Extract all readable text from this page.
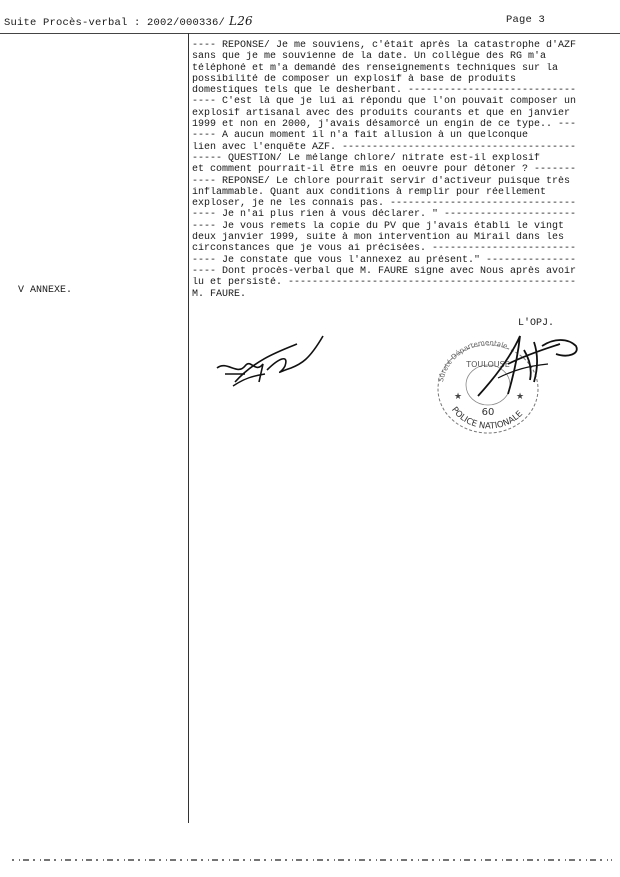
Suite Procès-verbal : 2002/000336/ L26	Page 3
V ANNEXE.
---- REPONSE/ Je me souviens, c'était après la catastrophe d'AZF
sans que je me souvienne de la date. Un collègue des RG m'a
téléphoné et m'a demandé des renseignements techniques sur la
possibilité de composer un explosif à base de produits
domestiques tels que le desherbant. ----------------------------
---- C'est là que je lui ai répondu que l'on pouvait composer un
explosif artisanal avec des produits courants et que en janvier
1999 et non en 2000, j'avais désamorcé un engin de ce type.. ---
---- A aucun moment il n'a fait allusion à un quelconque
lien avec l'enquête AZF. ---------------------------------------
----- QUESTION/ Le mélange chlore/ nitrate est-il explosif
et comment pourrait-il être mis en oeuvre pour détoner ? -------
---- REPONSE/ Le chlore pourrait servir d'activeur puisque très
inflammable. Quant aux conditions à remplir pour réellement
exploser, je ne les connais pas. -------------------------------
---- Je n'ai plus rien à vous déclarer. " ----------------------
---- Je vous remets la copie du PV que j'avais établi le vingt
deux janvier 1999, suite à mon intervention au Mirail dans les
circonstances que je vous ai précisées. ------------------------
---- Je constate que vous l'annexez au présent." ---------------
---- Dont procès-verbal que M. FAURE signe avec Nous après avoir
lu et persisté. ------------------------------------------------
M. FAURE.
L'OPJ.
Sûreté Départementale
TOULOUSE
60
POLICE NATIONALE
★	★
